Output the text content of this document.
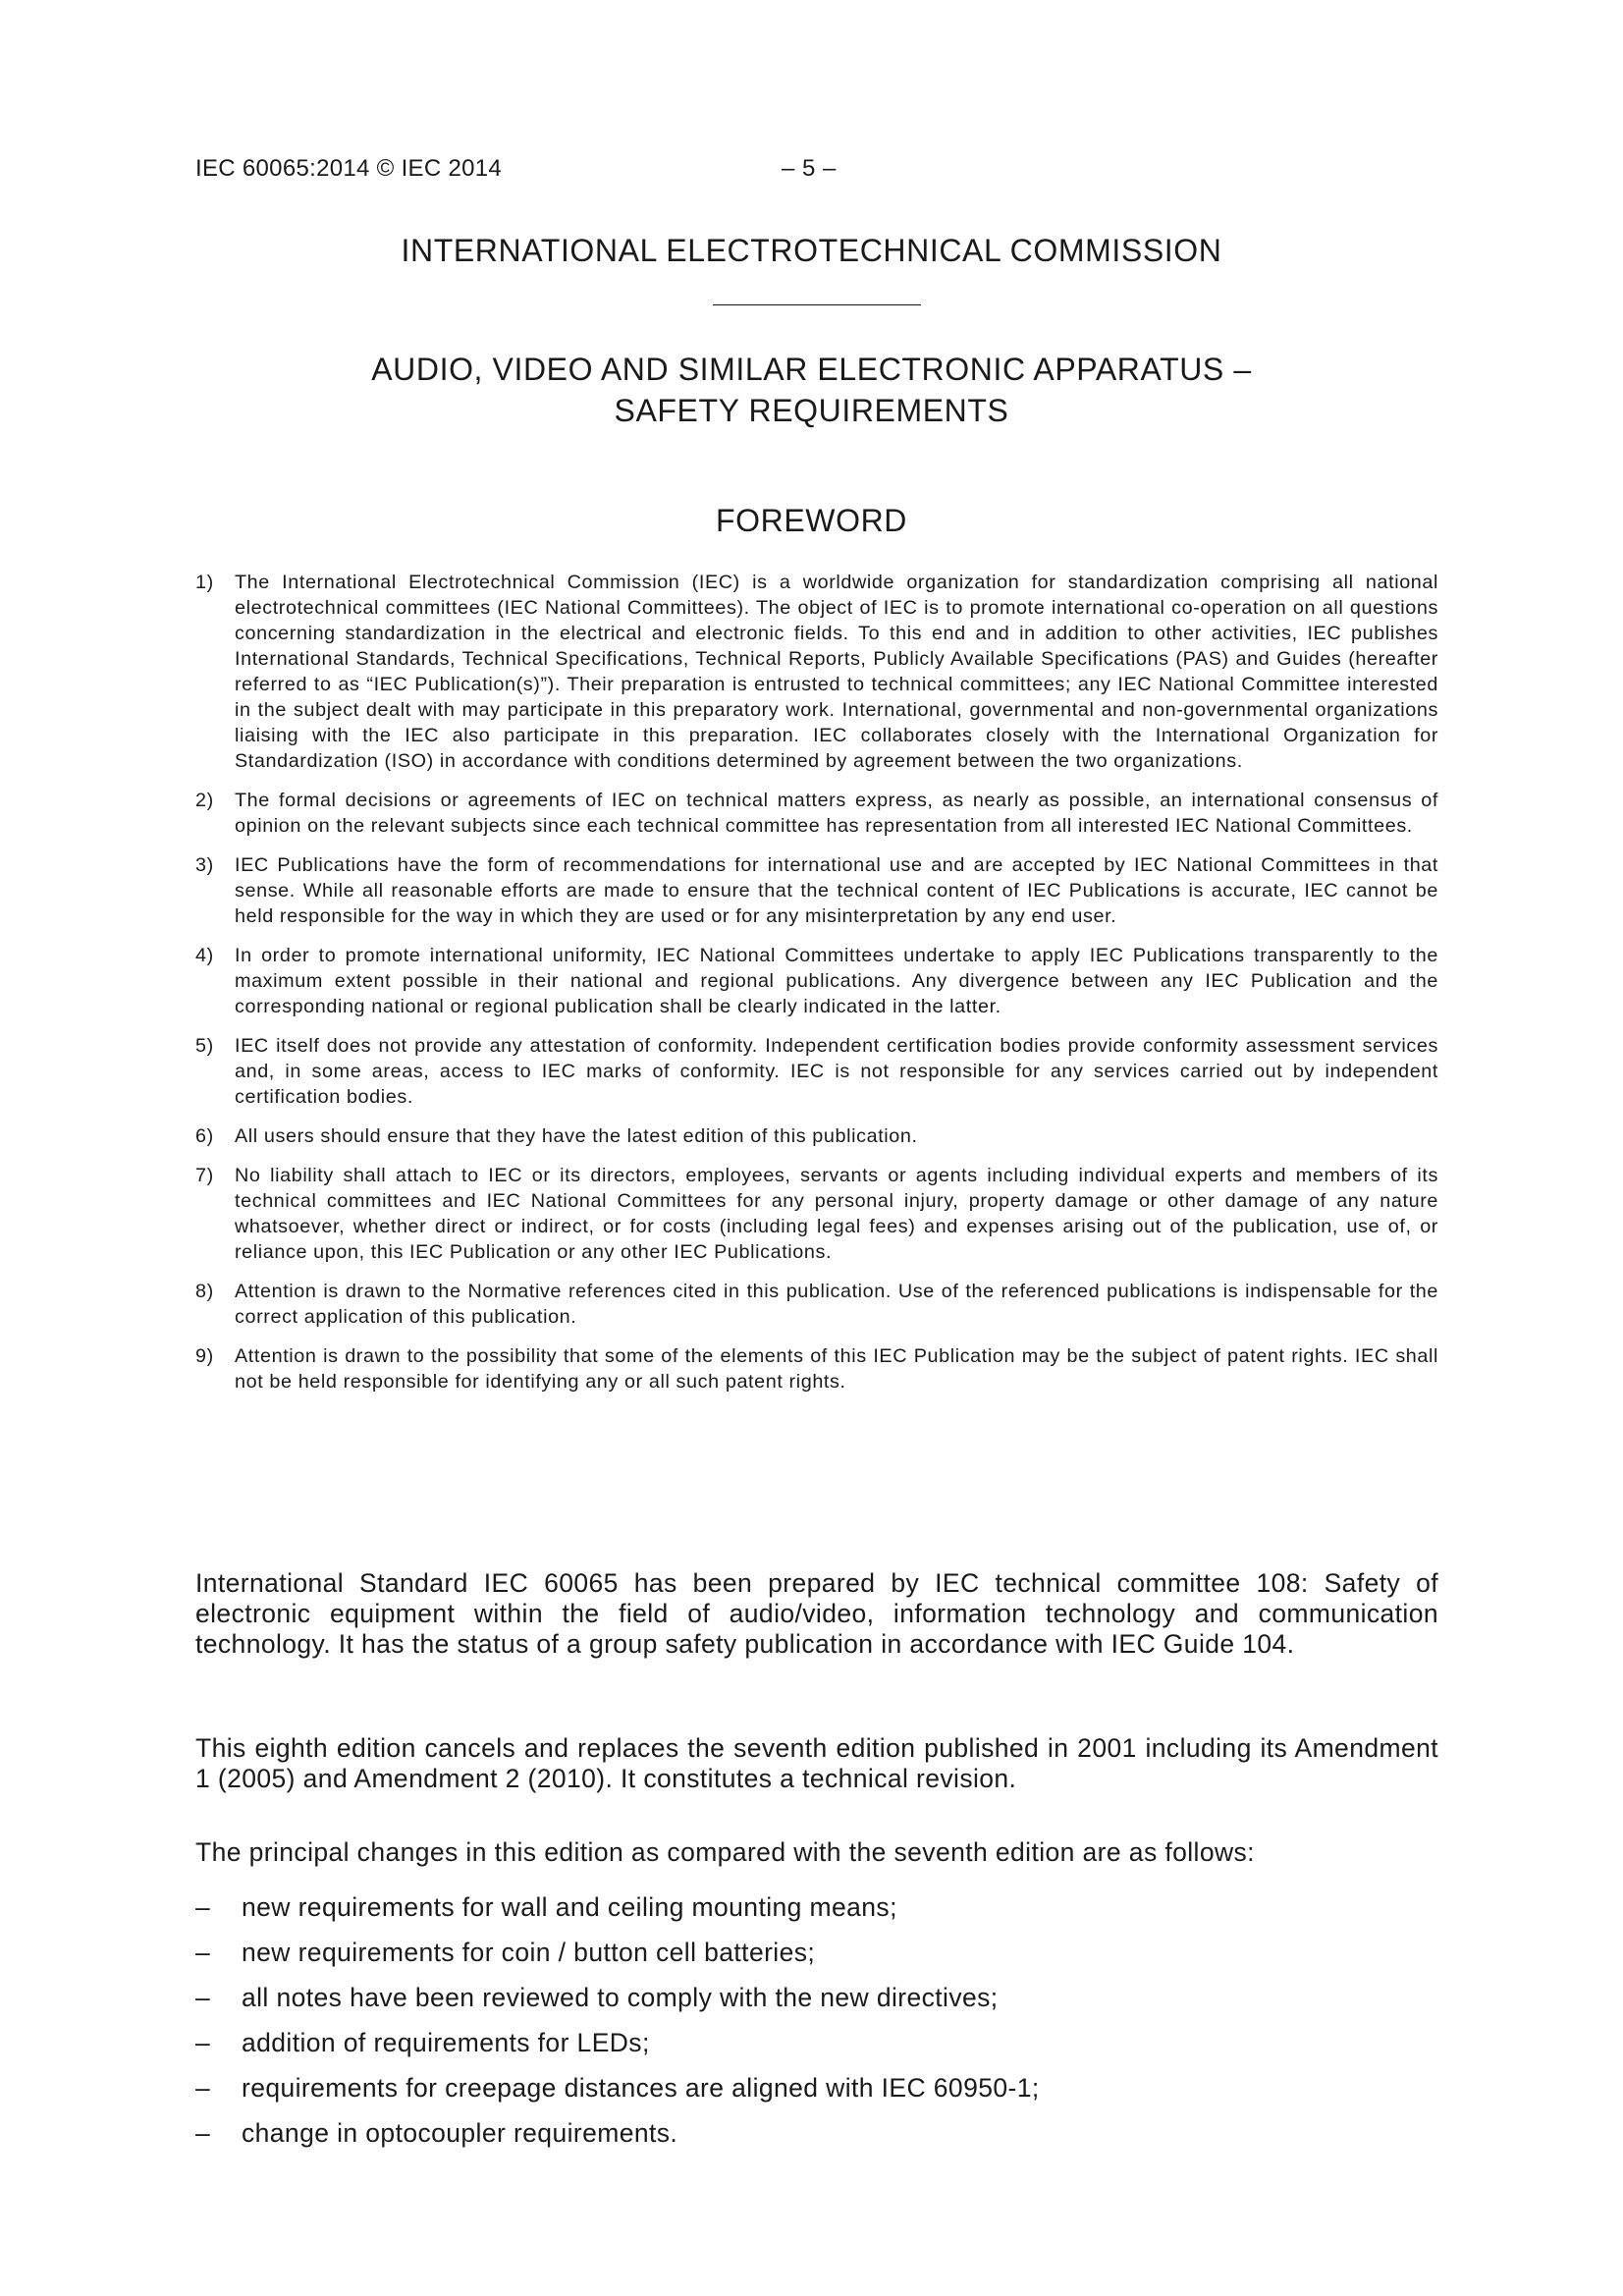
IEC 60065:2014 © IEC 2014	– 5 –
INTERNATIONAL ELECTROTECHNICAL COMMISSION
AUDIO, VIDEO AND SIMILAR ELECTRONIC APPARATUS –
SAFETY REQUIREMENTS
FOREWORD
1) The International Electrotechnical Commission (IEC) is a worldwide organization for standardization comprising all national electrotechnical committees (IEC National Committees). The object of IEC is to promote international co-operation on all questions concerning standardization in the electrical and electronic fields. To this end and in addition to other activities, IEC publishes International Standards, Technical Specifications, Technical Reports, Publicly Available Specifications (PAS) and Guides (hereafter referred to as “IEC Publication(s)”). Their preparation is entrusted to technical committees; any IEC National Committee interested in the subject dealt with may participate in this preparatory work. International, governmental and non-governmental organizations liaising with the IEC also participate in this preparation. IEC collaborates closely with the International Organization for Standardization (ISO) in accordance with conditions determined by agreement between the two organizations.
2) The formal decisions or agreements of IEC on technical matters express, as nearly as possible, an international consensus of opinion on the relevant subjects since each technical committee has representation from all interested IEC National Committees.
3) IEC Publications have the form of recommendations for international use and are accepted by IEC National Committees in that sense. While all reasonable efforts are made to ensure that the technical content of IEC Publications is accurate, IEC cannot be held responsible for the way in which they are used or for any misinterpretation by any end user.
4) In order to promote international uniformity, IEC National Committees undertake to apply IEC Publications transparently to the maximum extent possible in their national and regional publications. Any divergence between any IEC Publication and the corresponding national or regional publication shall be clearly indicated in the latter.
5) IEC itself does not provide any attestation of conformity. Independent certification bodies provide conformity assessment services and, in some areas, access to IEC marks of conformity. IEC is not responsible for any services carried out by independent certification bodies.
6) All users should ensure that they have the latest edition of this publication.
7) No liability shall attach to IEC or its directors, employees, servants or agents including individual experts and members of its technical committees and IEC National Committees for any personal injury, property damage or other damage of any nature whatsoever, whether direct or indirect, or for costs (including legal fees) and expenses arising out of the publication, use of, or reliance upon, this IEC Publication or any other IEC Publications.
8) Attention is drawn to the Normative references cited in this publication. Use of the referenced publications is indispensable for the correct application of this publication.
9) Attention is drawn to the possibility that some of the elements of this IEC Publication may be the subject of patent rights. IEC shall not be held responsible for identifying any or all such patent rights.

International Standard IEC 60065 has been prepared by IEC technical committee 108: Safety of electronic equipment within the field of audio/video, information technology and communication technology. It has the status of a group safety publication in accordance with IEC Guide 104.

This eighth edition cancels and replaces the seventh edition published in 2001 including its Amendment 1 (2005) and Amendment 2 (2010). It constitutes a technical revision.

The principal changes in this edition as compared with the seventh edition are as follows:

– new requirements for wall and ceiling mounting means;
– new requirements for coin / button cell batteries;
– all notes have been reviewed to comply with the new directives;
– addition of requirements for LEDs;
– requirements for creepage distances are aligned with IEC 60950-1;
– change in optocoupler requirements.
